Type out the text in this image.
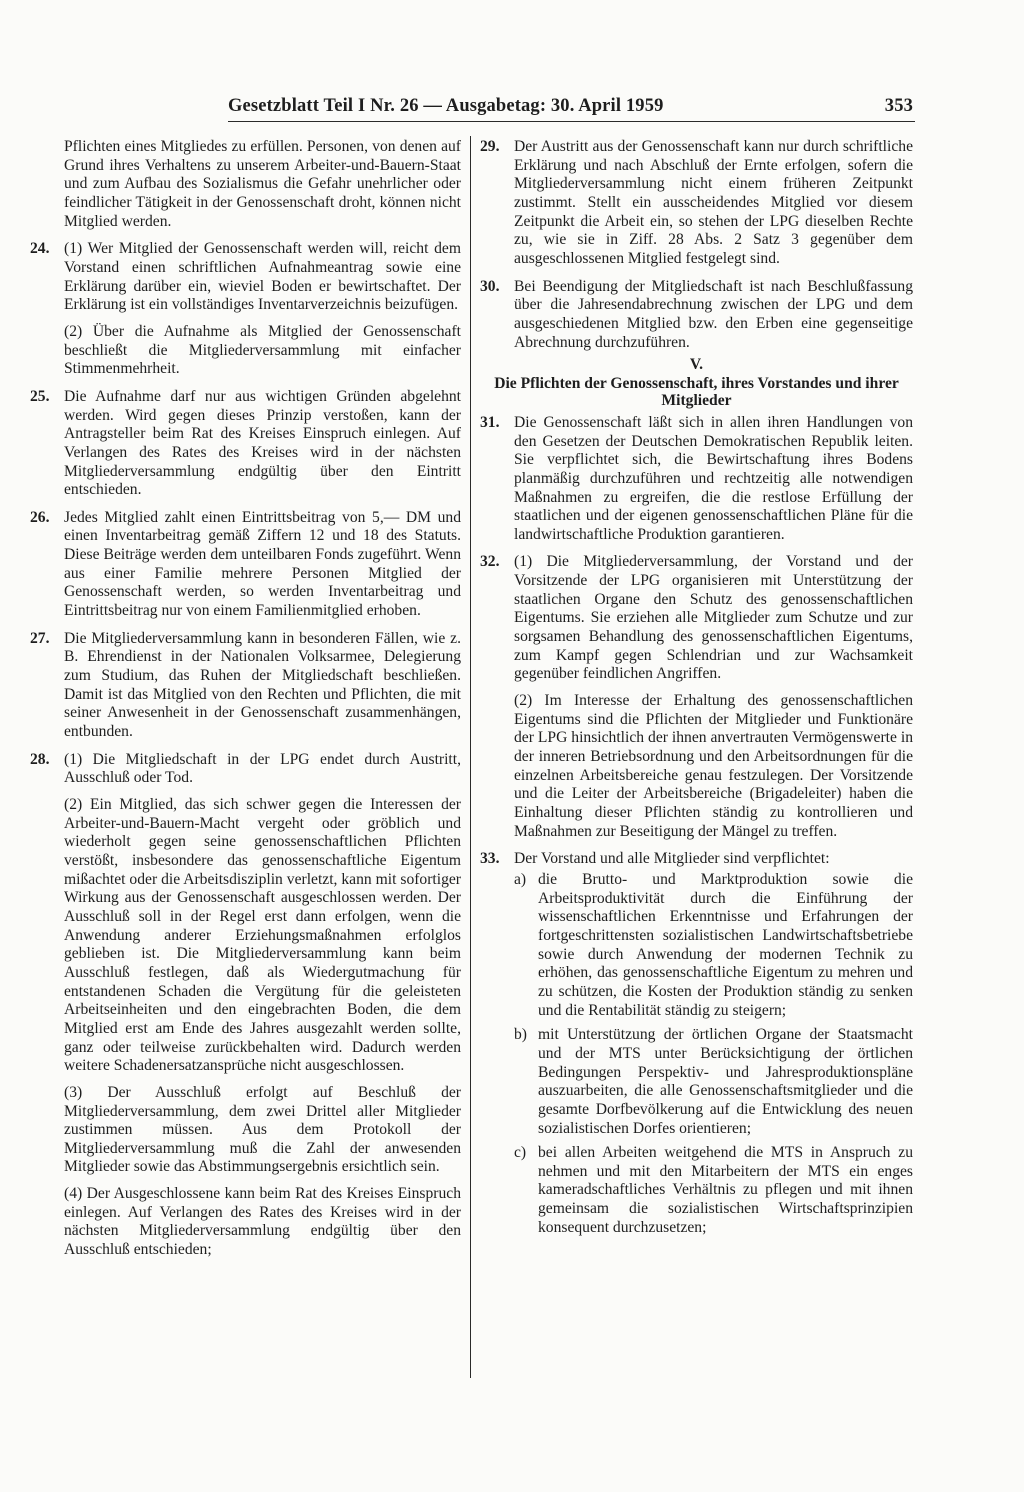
Gesetzblatt Teil I Nr. 26 — Ausgabetag: 30. April 1959	353

Pflichten eines Mitgliedes zu erfüllen. Personen, von denen auf Grund ihres Verhaltens zu unserem Arbeiter-und-Bauern-Staat und zum Aufbau des Sozialismus die Gefahr unehrlicher oder feindlicher Tätigkeit in der Genossenschaft droht, können nicht Mitglied werden.

24. (1) Wer Mitglied der Genossenschaft werden will, reicht dem Vorstand einen schriftlichen Aufnahmeantrag sowie eine Erklärung darüber ein, wieviel Boden er bewirtschaftet. Der Erklärung ist ein vollständiges Inventarverzeichnis beizufügen.
(2) Über die Aufnahme als Mitglied der Genossenschaft beschließt die Mitgliederversammlung mit einfacher Stimmenmehrheit.
25. Die Aufnahme darf nur aus wichtigen Gründen abgelehnt werden. Wird gegen dieses Prinzip verstoßen, kann der Antragsteller beim Rat des Kreises Einspruch einlegen. Auf Verlangen des Rates des Kreises wird in der nächsten Mitgliederversammlung endgültig über den Eintritt entschieden.
26. Jedes Mitglied zahlt einen Eintrittsbeitrag von 5,— DM und einen Inventarbeitrag gemäß Ziffern 12 und 18 des Statuts. Diese Beiträge werden dem unteilbaren Fonds zugeführt. Wenn aus einer Familie mehrere Personen Mitglied der Genossenschaft werden, so werden Inventarbeitrag und Eintrittsbeitrag nur von einem Familienmitglied erhoben.
27. Die Mitgliederversammlung kann in besonderen Fällen, wie z. B. Ehrendienst in der Nationalen Volksarmee, Delegierung zum Studium, das Ruhen der Mitgliedschaft beschließen. Damit ist das Mitglied von den Rechten und Pflichten, die mit seiner Anwesenheit in der Genossenschaft zusammenhängen, entbunden.
28. (1) Die Mitgliedschaft in der LPG endet durch Austritt, Ausschluß oder Tod.
(2) Ein Mitglied, das sich schwer gegen die Interessen der Arbeiter-und-Bauern-Macht vergeht oder gröblich und wiederholt gegen seine genossenschaftlichen Pflichten verstößt, insbesondere das genossenschaftliche Eigentum mißachtet oder die Arbeitsdisziplin verletzt, kann mit sofortiger Wirkung aus der Genossenschaft ausgeschlossen werden. Der Ausschluß soll in der Regel erst dann erfolgen, wenn die Anwendung anderer Erziehungsmaßnahmen erfolglos geblieben ist. Die Mitgliederversammlung kann beim Ausschluß festlegen, daß als Wiedergutmachung für entstandenen Schaden die Vergütung für die geleisteten Arbeitseinheiten und den eingebrachten Boden, die dem Mitglied erst am Ende des Jahres ausgezahlt werden sollte, ganz oder teilweise zurückbehalten wird. Dadurch werden weitere Schadenersatzansprüche nicht ausgeschlossen.
(3) Der Ausschluß erfolgt auf Beschluß der Mitgliederversammlung, dem zwei Drittel aller Mitglieder zustimmen müssen. Aus dem Protokoll der Mitgliederversammlung muß die Zahl der anwesenden Mitglieder sowie das Abstimmungsergebnis ersichtlich sein.
(4) Der Ausgeschlossene kann beim Rat des Kreises Einspruch einlegen. Auf Verlangen des Rates des Kreises wird in der nächsten Mitgliederversammlung endgültig über den Ausschluß entschieden;
29. Der Austritt aus der Genossenschaft kann nur durch schriftliche Erklärung und nach Abschluß der Ernte erfolgen, sofern die Mitgliederversammlung nicht einem früheren Zeitpunkt zustimmt. Stellt ein ausscheidendes Mitglied vor diesem Zeitpunkt die Arbeit ein, so stehen der LPG dieselben Rechte zu, wie sie in Ziff. 28 Abs. 2 Satz 3 gegenüber dem ausgeschlossenen Mitglied festgelegt sind.
30. Bei Beendigung der Mitgliedschaft ist nach Beschlußfassung über die Jahresendabrechnung zwischen der LPG und dem ausgeschiedenen Mitglied bzw. den Erben eine gegenseitige Abrechnung durchzuführen.

V.

Die Pflichten der Genossenschaft, ihres Vorstandes und ihrer Mitglieder

31. Die Genossenschaft läßt sich in allen ihren Handlungen von den Gesetzen der Deutschen Demokratischen Republik leiten. Sie verpflichtet sich, die Bewirtschaftung ihres Bodens planmäßig durchzuführen und rechtzeitig alle notwendigen Maßnahmen zu ergreifen, die die restlose Erfüllung der staatlichen und der eigenen genossenschaftlichen Pläne für die landwirtschaftliche Produktion garantieren.
32. (1) Die Mitgliederversammlung, der Vorstand und der Vorsitzende der LPG organisieren mit Unterstützung der staatlichen Organe den Schutz des genossenschaftlichen Eigentums. Sie erziehen alle Mitglieder zum Schutze und zur sorgsamen Behandlung des genossenschaftlichen Eigentums, zum Kampf gegen Schlendrian und zur Wachsamkeit gegenüber feindlichen Angriffen.
(2) Im Interesse der Erhaltung des genossenschaftlichen Eigentums sind die Pflichten der Mitglieder und Funktionäre der LPG hinsichtlich der ihnen anvertrauten Vermögenswerte in der inneren Betriebsordnung und den Arbeitsordnungen für die einzelnen Arbeitsbereiche genau festzulegen. Der Vorsitzende und die Leiter der Arbeitsbereiche (Brigadeleiter) haben die Einhaltung dieser Pflichten ständig zu kontrollieren und Maßnahmen zur Beseitigung der Mängel zu treffen.
33. Der Vorstand und alle Mitglieder sind verpflichtet:
a) die Brutto- und Marktproduktion sowie die Arbeitsproduktivität durch die Einführung der wissenschaftlichen Erkenntnisse und Erfahrungen der fortgeschrittensten sozialistischen Landwirtschaftsbetriebe sowie durch Anwendung der modernen Technik zu erhöhen, das genossenschaftliche Eigentum zu mehren und zu schützen, die Kosten der Produktion ständig zu senken und die Rentabilität ständig zu steigern;
b) mit Unterstützung der örtlichen Organe der Staatsmacht und der MTS unter Berücksichtigung der örtlichen Bedingungen Perspektiv- und Jahresproduktionspläne auszuarbeiten, die alle Genossenschaftsmitglieder und die gesamte Dorfbevölkerung auf die Entwicklung des neuen sozialistischen Dorfes orientieren;
c) bei allen Arbeiten weitgehend die MTS in Anspruch zu nehmen und mit den Mitarbeitern der MTS ein enges kameradschaftliches Verhältnis zu pflegen und mit ihnen gemeinsam die sozialistischen Wirtschaftsprinzipien konsequent durchzusetzen;
